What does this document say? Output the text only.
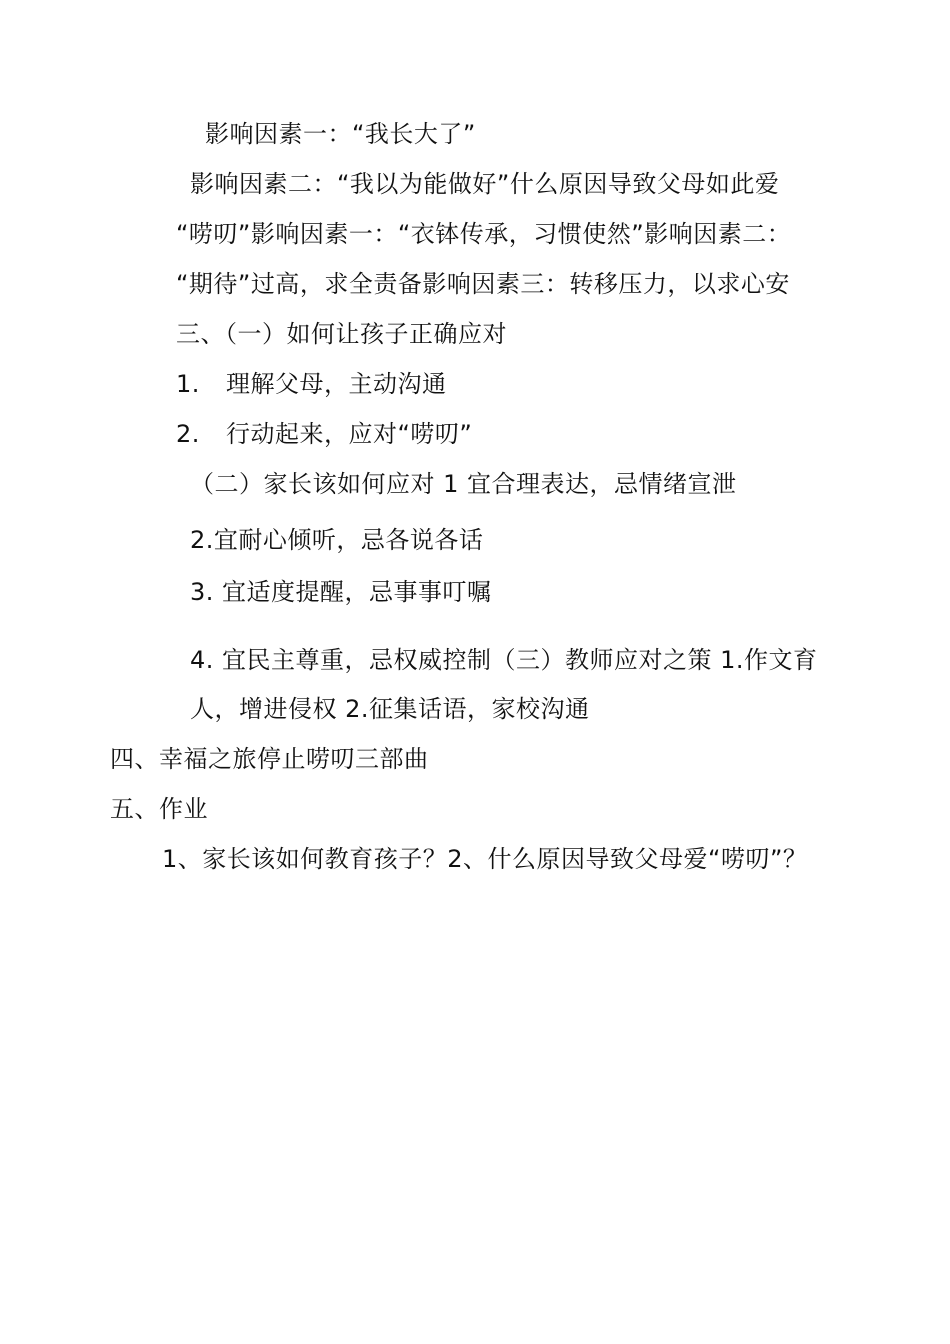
影响因素一：“我长大了”
影响因素二：“我以为能做好”什么原因导致父母如此爱
“唠叨”影响因素一：“衣钵传承，习惯使然”影响因素二：
“期待”过高，求全责备影响因素三：转移压力，以求心安
三、（一）如何让孩子正确应对
1. 理解父母，主动沟通
2. 行动起来，应对“唠叨”
（二）家长该如何应对 1 宜合理表达，忌情绪宣泄
2.宜耐心倾听，忌各说各话
3. 宜适度提醒，忌事事叮嘱
4. 宜民主尊重，忌权威控制（三）教师应对之策 1.作文育
人，增进侵权 2.征集话语，家校沟通
四、幸福之旅停止唠叨三部曲
五、作业
1、家长该如何教育孩子？2、什么原因导致父母爱“唠叨”？
